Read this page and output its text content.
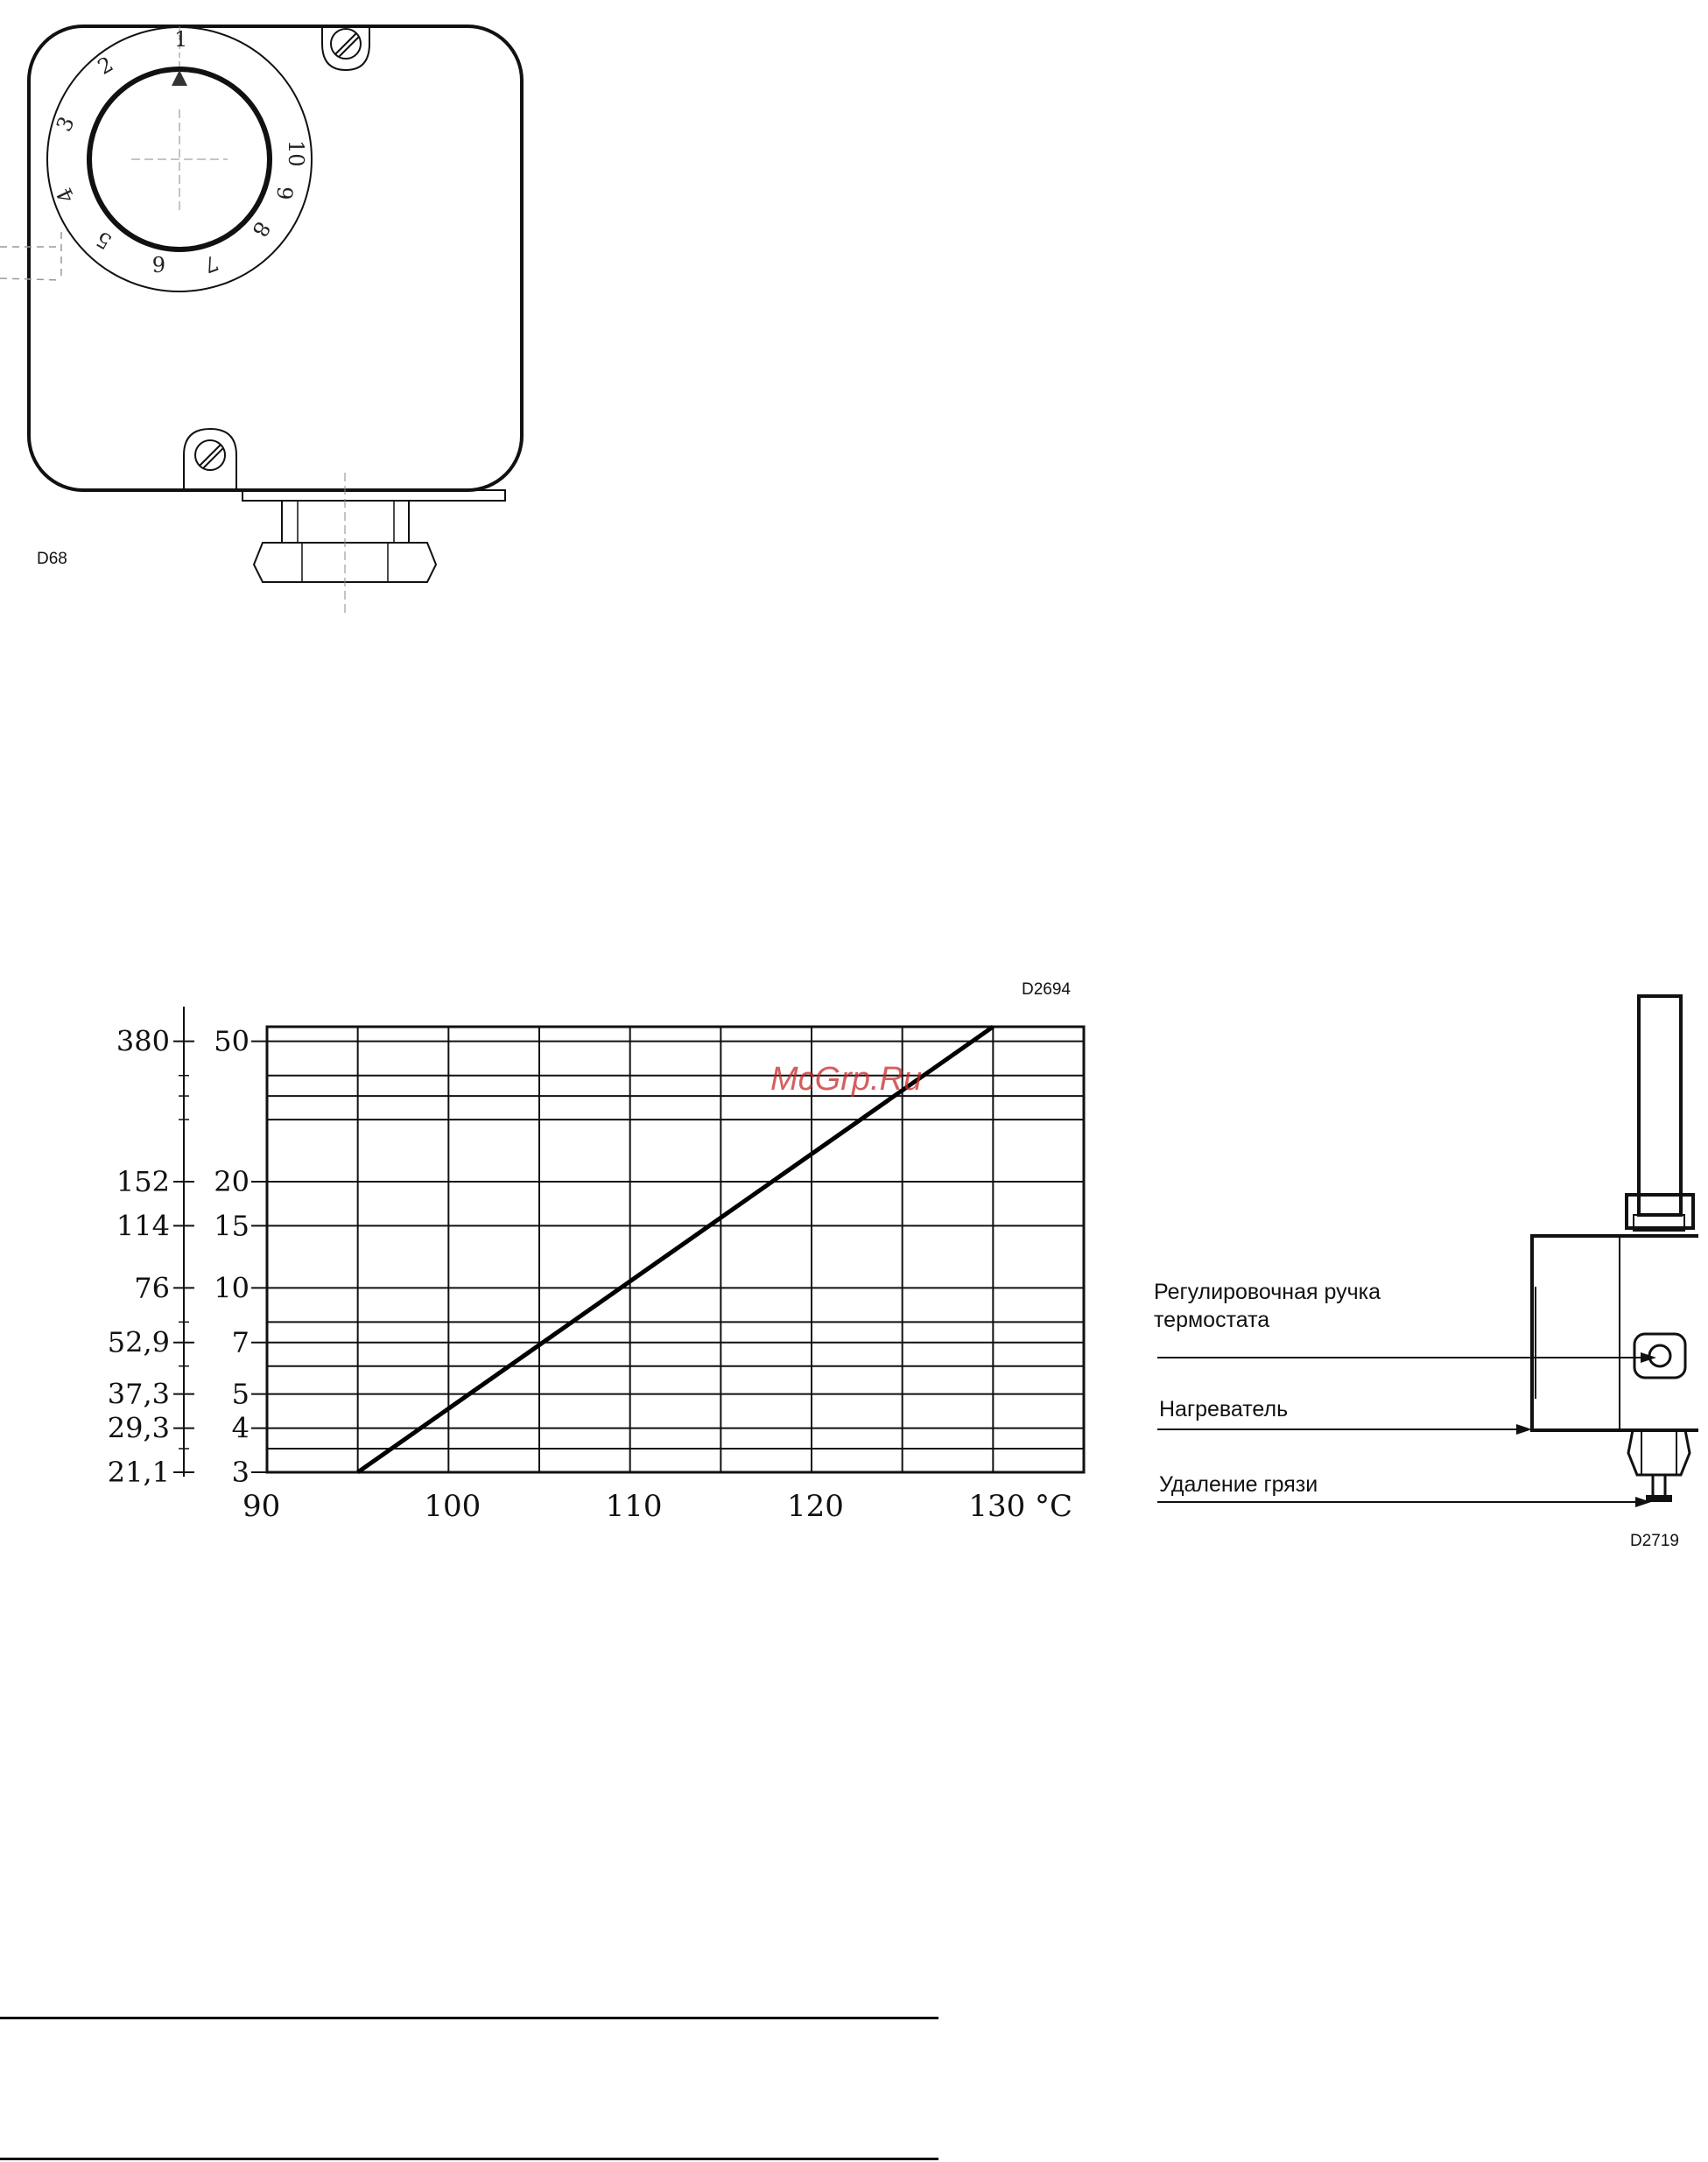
1
2
3
4
5
6 7
8
9
10
D68
D2694
3
4
5
7
10
15
20
50
21,1
29,3
37,3
52,9
76
114
152
380
90	100	110	120	130 °C
McGrp.Ru
Регулировочная ручка
термостата
Нагреватель
Удаление грязи
D2719
